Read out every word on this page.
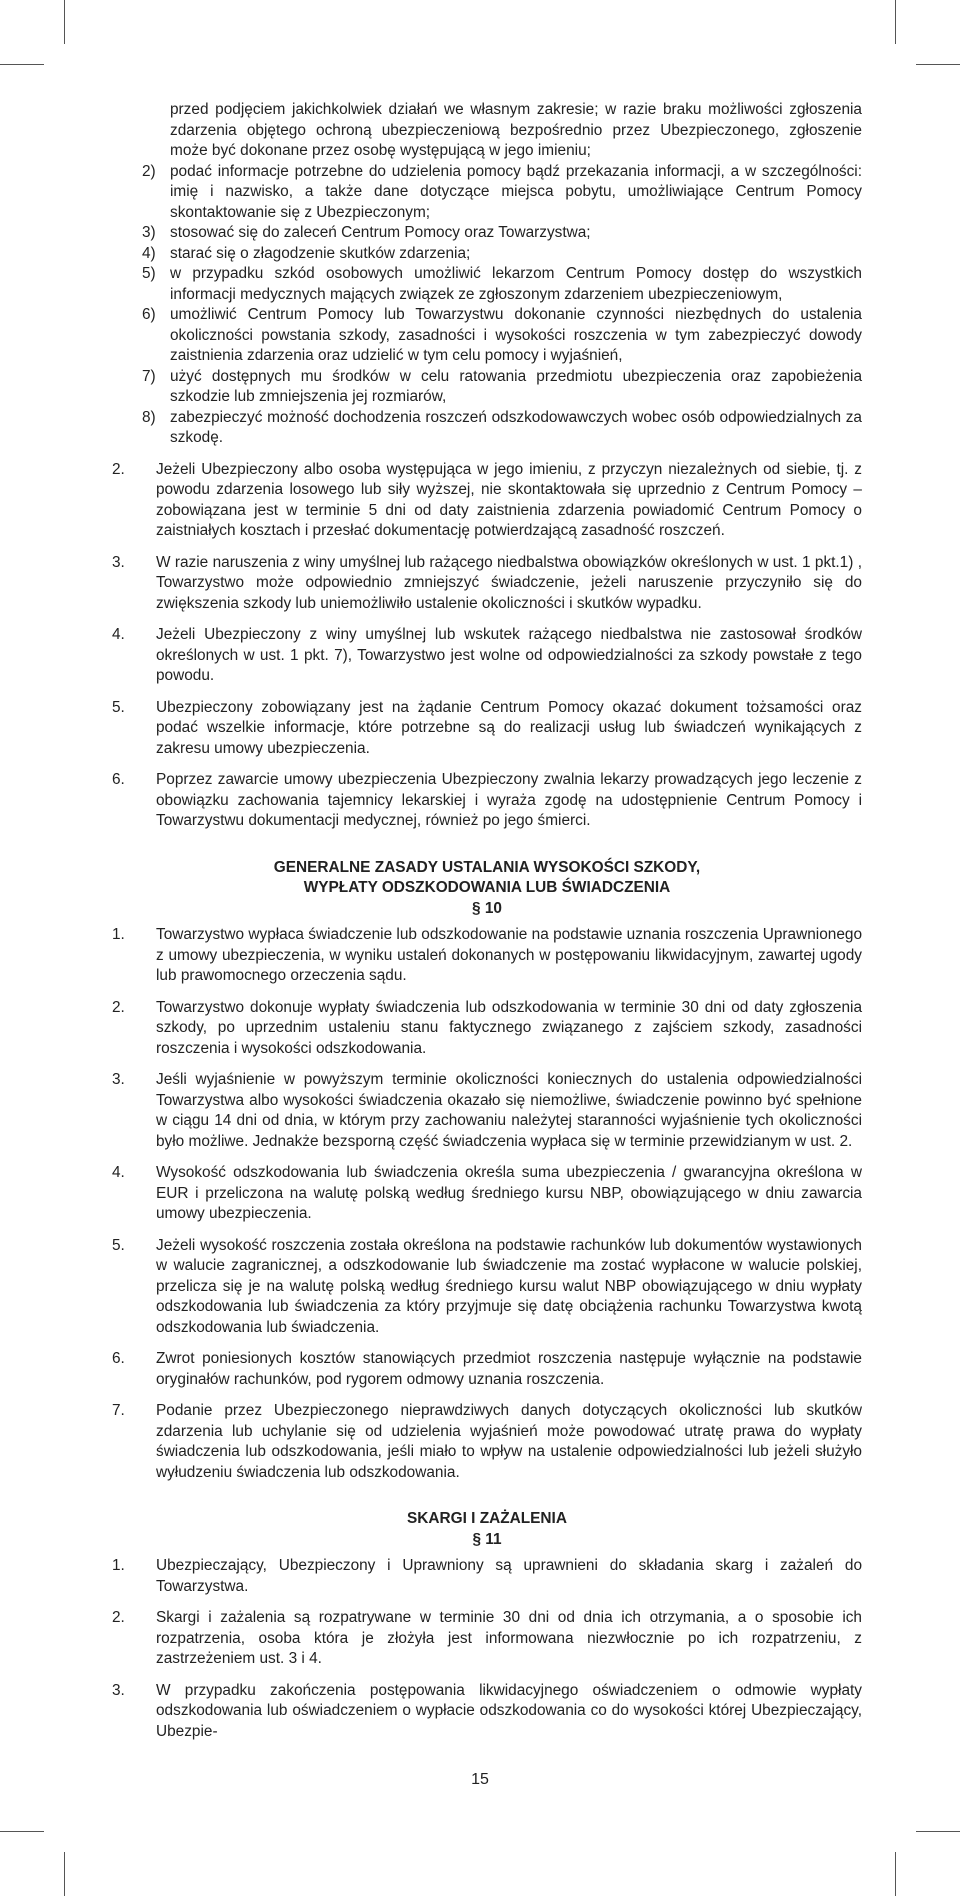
przed podjęciem jakichkolwiek działań we własnym zakresie; w razie braku możliwości zgłoszenia zdarzenia objętego ochroną ubezpieczeniową bezpośrednio przez Ubezpieczonego, zgłoszenie może być dokonane przez osobę występującą w jego imieniu;

2) podać informacje potrzebne do udzielenia pomocy bądź przekazania informacji, a w szczególności: imię i nazwisko, a także dane dotyczące miejsca pobytu, umożliwiające Centrum Pomocy skontaktowanie się z Ubezpieczonym;
3) stosować się do zaleceń Centrum Pomocy oraz Towarzystwa;
4) starać się o złagodzenie skutków zdarzenia;
5) w przypadku szkód osobowych umożliwić lekarzom Centrum Pomocy dostęp do wszystkich informacji medycznych mających związek ze zgłoszonym zdarzeniem ubezpieczeniowym,
6) umożliwić Centrum Pomocy lub Towarzystwu dokonanie czynności niezbędnych do ustalenia okoliczności powstania szkody, zasadności i wysokości roszczenia w tym zabezpieczyć dowody zaistnienia zdarzenia oraz udzielić w tym celu pomocy i wyjaśnień,
7) użyć dostępnych mu środków w celu ratowania przedmiotu ubezpieczenia oraz zapobieżenia szkodzie lub zmniejszenia jej rozmiarów,
8) zabezpieczyć możność dochodzenia roszczeń odszkodowawczych wobec osób odpowiedzialnych za szkodę.
2. Jeżeli Ubezpieczony albo osoba występująca w jego imieniu, z przyczyn niezależnych od siebie, tj. z powodu zdarzenia losowego lub siły wyższej, nie skontaktowała się uprzednio z Centrum Pomocy – zobowiązana jest w terminie 5 dni od daty zaistnienia zdarzenia powiadomić Centrum Pomocy o zaistniałych kosztach i przesłać dokumentację potwierdzającą zasadność roszczeń.
3. W razie naruszenia z winy umyślnej lub rażącego niedbalstwa obowiązków określonych w ust. 1 pkt.1) , Towarzystwo może odpowiednio zmniejszyć świadczenie, jeżeli naruszenie przyczyniło się do zwiększenia szkody lub uniemożliwiło ustalenie okoliczności i skutków wypadku.
4. Jeżeli Ubezpieczony z winy umyślnej lub wskutek rażącego niedbalstwa nie zastosował środków określonych w ust. 1 pkt. 7), Towarzystwo jest wolne od odpowiedzialności za szkody powstałe z tego powodu.
5. Ubezpieczony zobowiązany jest na żądanie Centrum Pomocy okazać dokument tożsamości oraz podać wszelkie informacje, które potrzebne są do realizacji usług lub świadczeń wynikających z zakresu umowy ubezpieczenia.
6. Poprzez zawarcie umowy ubezpieczenia Ubezpieczony zwalnia lekarzy prowadzących jego leczenie z obowiązku zachowania tajemnicy lekarskiej i wyraża zgodę na udostępnienie Centrum Pomocy i Towarzystwu dokumentacji medycznej, również po jego śmierci.

GENERALNE ZASADY USTALANIA WYSOKOŚCI SZKODY,

WYPŁATY ODSZKODOWANIA LUB ŚWIADCZENIA

§ 10

1. Towarzystwo wypłaca świadczenie lub odszkodowanie na podstawie uznania roszczenia Uprawnionego z umowy ubezpieczenia, w wyniku ustaleń dokonanych w postępowaniu likwidacyjnym, zawartej ugody lub prawomocnego orzeczenia sądu.
2. Towarzystwo dokonuje wypłaty świadczenia lub odszkodowania w terminie 30 dni od daty zgłoszenia szkody, po uprzednim ustaleniu stanu faktycznego związanego z zajściem szkody, zasadności roszczenia i wysokości odszkodowania.
3. Jeśli wyjaśnienie w powyższym terminie okoliczności koniecznych do ustalenia odpowiedzialności Towarzystwa albo wysokości świadczenia okazało się niemożliwe, świadczenie powinno być spełnione w ciągu 14 dni od dnia, w którym przy zachowaniu należytej staranności wyjaśnienie tych okoliczności było możliwe. Jednakże bezsporną część świadczenia wypłaca się w terminie przewidzianym w ust. 2.
4. Wysokość odszkodowania lub świadczenia określa suma ubezpieczenia / gwarancyjna określona w EUR i przeliczona na walutę polską według średniego kursu NBP, obowiązującego w dniu zawarcia umowy ubezpieczenia.
5. Jeżeli wysokość roszczenia została określona na podstawie rachunków lub dokumentów wystawionych w walucie zagranicznej, a odszkodowanie lub świadczenie ma zostać wypłacone w walucie polskiej, przelicza się je na walutę polską według średniego kursu walut NBP obowiązującego w dniu wypłaty odszkodowania lub świadczenia za który przyjmuje się datę obciążenia rachunku Towarzystwa kwotą odszkodowania lub świadczenia.
6. Zwrot poniesionych kosztów stanowiących przedmiot roszczenia następuje wyłącznie na podstawie oryginałów rachunków, pod rygorem odmowy uznania roszczenia.
7. Podanie przez Ubezpieczonego nieprawdziwych danych dotyczących okoliczności lub skutków zdarzenia lub uchylanie się od udzielenia wyjaśnień może powodować utratę prawa do wypłaty świadczenia lub odszkodowania, jeśli miało to wpływ na ustalenie odpowiedzialności lub jeżeli służyło wyłudzeniu świadczenia lub odszkodowania.

SKARGI I ZAŻALENIA

§ 11

1. Ubezpieczający, Ubezpieczony i Uprawniony są uprawnieni do składania skarg i zażaleń do Towarzystwa.
2. Skargi i zażalenia są rozpatrywane w terminie 30 dni od dnia ich otrzymania, a o sposobie ich rozpatrzenia, osoba która je złożyła jest informowana niezwłocznie po ich rozpatrzeniu, z zastrzeżeniem ust. 3 i 4.
3. W przypadku zakończenia postępowania likwidacyjnego oświadczeniem o odmowie wypłaty odszkodowania lub oświadczeniem o wypłacie odszkodowania co do wysokości której Ubezpieczający, Ubezpie-
15
